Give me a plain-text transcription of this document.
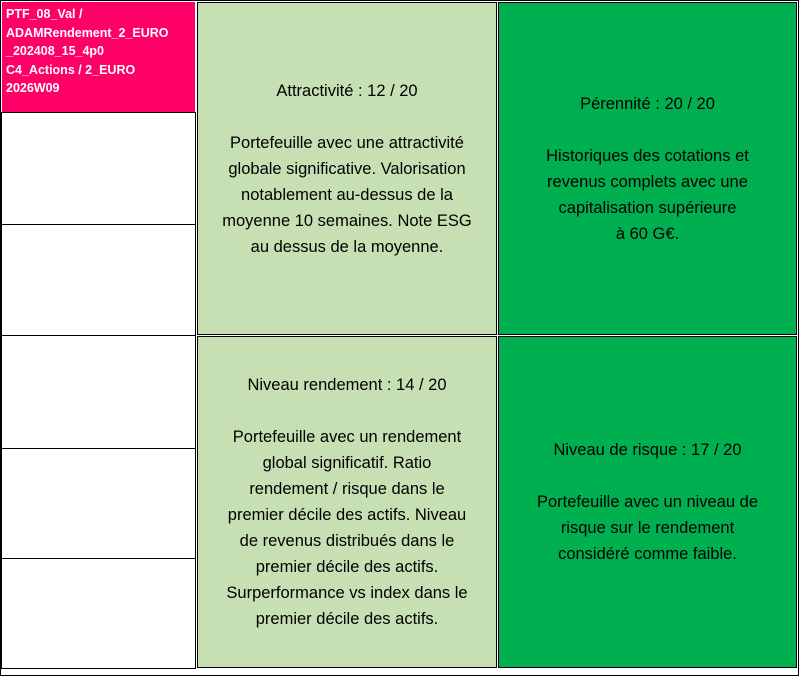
PTF_08_Val /
ADAMRendement_2_EURO
_202408_15_4p0
C4_Actions / 2_EURO
2026W09	Attractivité : 12 / 20
Portefeuille avec une attractivité
globale significative. Valorisation
notablement au-dessus de la
moyenne 10 semaines. Note ESG
au dessus de la moyenne.
Pérennité : 20 / 20
Historiques des cotations et
revenus complets avec une
capitalisation supérieure
à 60 G€.
Niveau rendement : 14 / 20
Portefeuille avec un rendement
global significatif. Ratio
rendement / risque dans le
premier décile des actifs. Niveau
de revenus distribués dans le
premier décile des actifs.
Surperformance vs index dans le
premier décile des actifs.
Niveau de risque : 17 / 20
Portefeuille avec un niveau de
risque sur le rendement
considéré comme faible.
